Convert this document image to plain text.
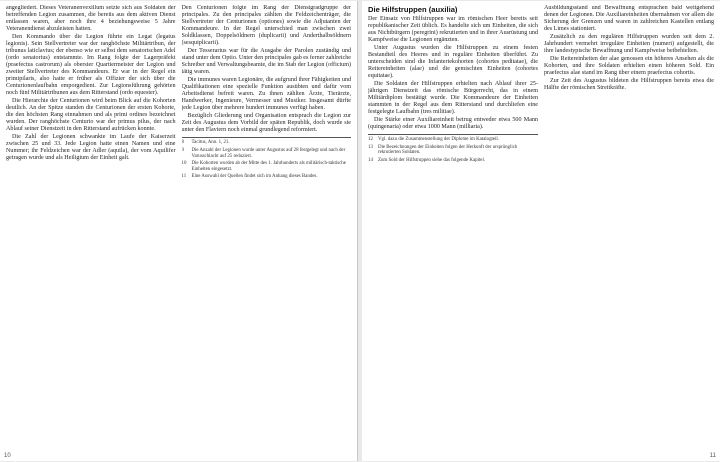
angegliedert. Dieses Veteranenvexillum setzte sich aus Soldaten der betreffenden Legion zusammen, die bereits aus dem aktiven Dienst entlassen waren, aber noch ihre 4 beziehungsweise 5 Jahre Veteranendienst abzuleisten hatten.

Den Kommando über die Legion führte ein Legat (legatus legionis). Sein Stellvertreter war der ranghöchste Militärtribun, der tribunus laticlavius; der ebenso wie er selbst dem senatorischen Adel (ordo senatorius) entstammte. Im Rang folgte der Lagerpräfekt (praefectus castrorum) als oberster Quartiermeister der Legion und zweiter Stellvertreter des Kommandeurs. Er war in der Regel ein primipilaris, also hatte er früher als Offizier der sich über die Centurionenlaufbahn emporgedient. Zur Legionsführung gehörten noch fünf Militärtribunen aus dem Ritterstand (ordo equester).

Die Hierarchie der Centurionen wird beim Blick auf die Kohorten deutlich. An der Spitze standen die Centurionen der ersten Kohorte, die den höchsten Rang einnahmen und als primi ordines bezeichnet wurden. Der ranghöchste Centurio war der primus pilus, der nach Ablauf seiner Dienstzeit in den Ritterstand aufrücken konnte.

Die Zahl der Legionen schwankte im Laufe der Kaiserzeit zwischen 25 und 33. Jede Legion hatte einen Namen und eine Nummer; ihr Feldzeichen war der Adler (aquila), der vom Aquilifer getragen wurde und als Heiligtum der Einheit galt.

Den Centurionen folgte im Rang der Dienstgradgruppe der principales. Zu den principales zählten die Feldzeichenträger, die Stellvertreter der Centurionen (optiones) sowie die Adjutanten der Kommandeure. In der Regel unterschied man zwischen zwei Soldklassen, Doppelsöldnern (duplicarii) und Anderthalbsöldnern (sesquiplicarii).

Der Tesserarius war für die Ausgabe der Parolen zuständig und stand unter dem Optio. Unter den principales gab es ferner zahlreiche Schreiber und Verwaltungsbeamte, die im Stab der Legion (officium) tätig waren.

Die immunes waren Legionäre, die aufgrund ihrer Fähigkeiten und Qualifikationen eine spezielle Funktion ausübten und dafür vom Arbeitsdienst befreit waren. Zu ihnen zählten Ärzte, Tierärzte, Handwerker, Ingenieure, Vermesser und Musiker. Insgesamt dürfte jede Legion über mehrere hundert immunes verfügt haben.

Bezüglich Gliederung und Organisation entsprach die Legion zur Zeit des Augustus dem Vorbild der späten Republik, doch wurde sie unter den Flaviern noch einmal grundlegend reformiert.

8	Tacitus, Ann. 1, 21.
9	Die Anzahl der Legionen wurde unter Augustus auf 28 festgelegt und nach der Varusschlacht auf 25 reduziert.
10	Die Kohorten wurden ab der Mitte des 1. Jahrhunderts als militärisch-taktische Einheiten eingesetzt.
11	Eine Auswahl der Quellen findet sich im Anhang dieses Bandes.
10
Die Hilfstruppen (auxilia)

Der Einsatz von Hilfstruppen war im römischen Heer bereits seit republikanischer Zeit üblich. Es handelte sich um Einheiten, die sich aus Nichtbürgern (peregrini) rekrutierten und in ihrer Ausrüstung und Kampfweise die Legionen ergänzten.

Unter Augustus wurden die Hilfstruppen zu einem festen Bestandteil des Heeres und in reguläre Einheiten überführt. Zu unterscheiden sind die Infanteriekohorten (cohortes peditatae), die Reitereinheiten (alae) und die gemischten Einheiten (cohortes equitatae).

Die Soldaten der Hilfstruppen erhielten nach Ablauf ihrer 25-jährigen Dienstzeit das römische Bürgerrecht, das in einem Militärdiplom bestätigt wurde. Die Kommandeure der Einheiten stammten in der Regel aus dem Ritterstand und durchliefen eine festgelegte Laufbahn (tres militiae).

Die Stärke einer Auxiliareinheit betrug entweder etwa 500 Mann (quingenaria) oder etwa 1000 Mann (milliaria).

12	Vgl. dazu die Zusammenstellung der Diplome im Katalogteil.
13	Die Bezeichnungen der Einheiten folgen der Herkunft der ursprünglich rekrutierten Soldaten.
14	Zum Sold der Hilfstruppen siehe das folgende Kapitel.

Ausbildungsstand und Bewaffnung entsprachen bald weitgehend denen der Legionen. Die Auxiliareinheiten übernahmen vor allem die Sicherung der Grenzen und waren in zahlreichen Kastellen entlang des Limes stationiert.

Zusätzlich zu den regulären Hilfstruppen wurden seit dem 2. Jahrhundert vermehrt irreguläre Einheiten (numeri) aufgestellt, die ihre landestypische Bewaffnung und Kampfweise beibehielten.

Die Reitereinheiten der alae genossen ein höheres Ansehen als die Kohorten, und ihre Soldaten erhielten einen höheren Sold. Ein praefectus alae stand im Rang über einem praefectus cohortis.

Zur Zeit des Augustus bildeten die Hilfstruppen bereits etwa die Hälfte der römischen Streitkräfte.

11
